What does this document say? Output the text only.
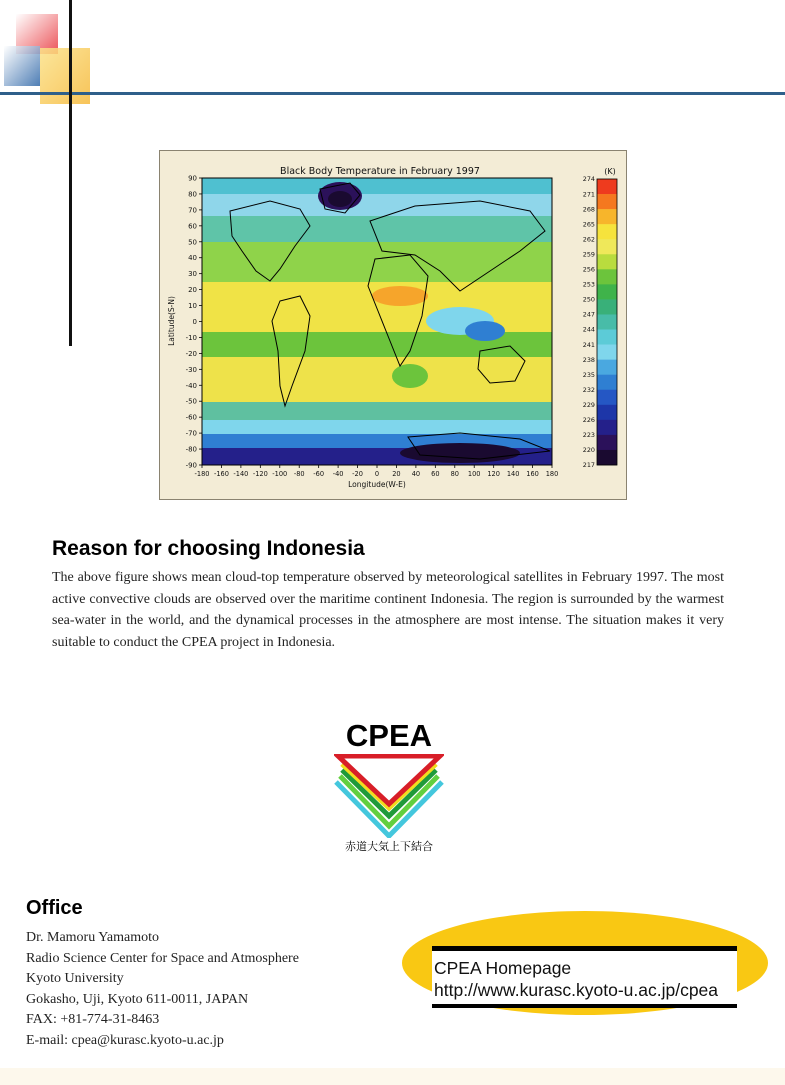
Black Body Temperature in February 1997
90
80
70
60
50
40
30
20
10
0
-10
-20
-30
-40
-50
-60
-70
-80
-90
-180 -160 -140 -120 -100 -80 -60 -40 -20 0 20 40 60 80 100 120 140 160 180
Latitude(S-N)
Longitude(W-E)
(K)
274
271
268
265
262
259
256
253
250
247
244
241
238
235
232
229
226
223
220
217
Reason for choosing Indonesia
The above figure shows mean cloud-top temperature observed by meteorological satellites in February 1997. The most active convective clouds are observed over the maritime continent Indonesia. The region is surrounded by the warmest sea-water in the world, and the dynamical processes in the atmosphere are most intense. The situation makes it very suitable to conduct the CPEA project in Indonesia.
CPEA
赤道大気上下結合
Office
Dr. Mamoru Yamamoto
Radio Science Center for Space and Atmosphere
Kyoto University
Gokasho, Uji, Kyoto 611-0011, JAPAN
FAX: +81-774-31-8463
E-mail: cpea@kurasc.kyoto-u.ac.jp
CPEA Homepage
http://www.kurasc.kyoto-u.ac.jp/cpea
